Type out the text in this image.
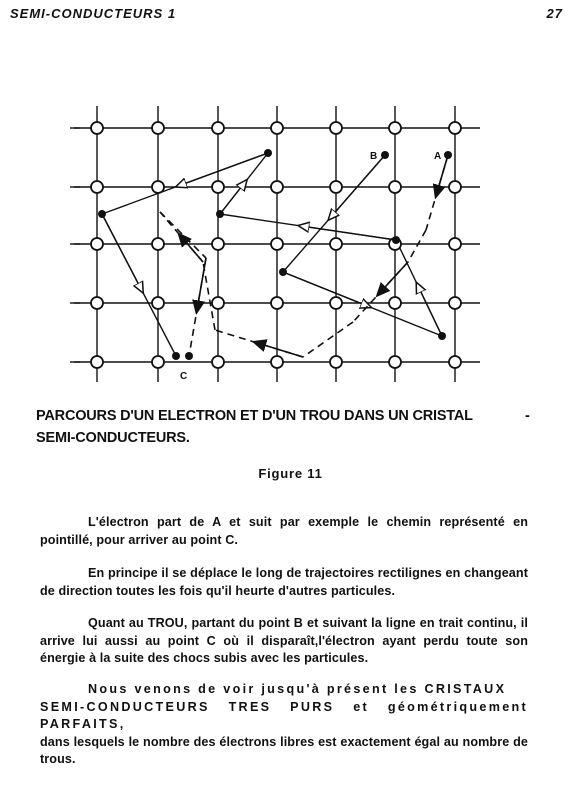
SEMI-CONDUCTEURS 1	27
B	A
C
PARCOURS D'UN ELECTRON ET D'UN TROU DANS UN CRISTAL	-
SEMI-CONDUCTEURS.
Figure 11

L'électron part de A et suit par exemple le chemin représenté en pointillé, pour arriver au point C.

En principe il se déplace le long de trajectoires rectilignes en changeant de direction toutes les fois qu'il heurte d'autres particules.

Quant au TROU, partant du point B et suivant la ligne en trait continu, il arrive lui aussi au point C où il disparaît,l'électron ayant perdu toute son énergie à la suite des chocs subis avec les particules.

Nous venons de voir jusqu'à présent les CRISTAUX

SEMI-CONDUCTEURS TRES PURS et géométriquement PARFAITS,

dans lesquels le nombre des électrons libres est exactement égal au nombre de trous.
